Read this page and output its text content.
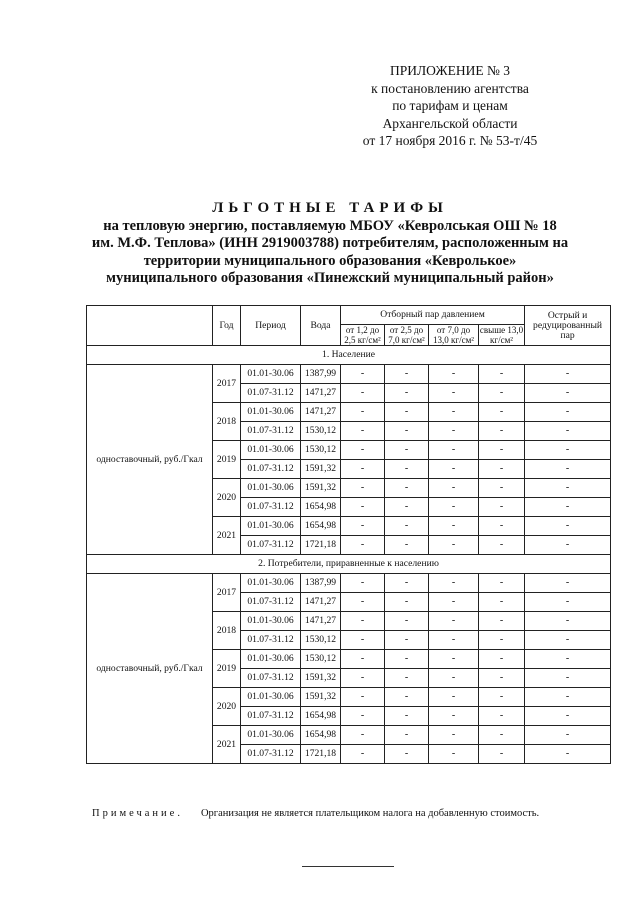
ПРИЛОЖЕНИЕ № 3
к постановлению агентства
по тарифам и ценам
Архангельской области
от 17 ноября 2016 г. № 53-т/45
ЛЬГОТНЫЕ ТАРИФЫ
на тепловую энергию, поставляемую МБОУ «Кевролськая ОШ № 18
им. М.Ф. Теплова» (ИНН 2919003788) потребителям, расположенным на
территории муниципального образования «Кевролькое»
муниципального образования «Пинежский муниципальный район»
	Год	Период	Вода	Отборный пар давлением				Острый и редуцированный пар
				от 1,2 до 2,5 кг/см²	от 2,5 до 7,0 кг/см²	от 7,0 до 13,0 кг/см²	свыше 13,0 кг/см²	
1. Население								
одноставочный, руб./Гкал	2017	01.01-30.06	1387,99	-	-	-	-	-
		01.07-31.12	1471,27	-	-	-	-	-
	2018	01.01-30.06	1471,27	-	-	-	-	-
		01.07-31.12	1530,12	-	-	-	-	-
	2019	01.01-30.06	1530,12	-	-	-	-	-
		01.07-31.12	1591,32	-	-	-	-	-
	2020	01.01-30.06	1591,32	-	-	-	-	-
		01.07-31.12	1654,98	-	-	-	-	-
	2021	01.01-30.06	1654,98	-	-	-	-	-
		01.07-31.12	1721,18	-	-	-	-	-
2. Потребители, приравненные к населению								
одноставочный, руб./Гкал	2017	01.01-30.06	1387,99	-	-	-	-	-
		01.07-31.12	1471,27	-	-	-	-	-
	2018	01.01-30.06	1471,27	-	-	-	-	-
		01.07-31.12	1530,12	-	-	-	-	-
	2019	01.01-30.06	1530,12	-	-	-	-	-
		01.07-31.12	1591,32	-	-	-	-	-
	2020	01.01-30.06	1591,32	-	-	-	-	-
		01.07-31.12	1654,98	-	-	-	-	-
	2021	01.01-30.06	1654,98	-	-	-	-	-
		01.07-31.12	1721,18	-	-	-	-	-
Примечание. Организация не является плательщиком налога на добавленную стоимость.
